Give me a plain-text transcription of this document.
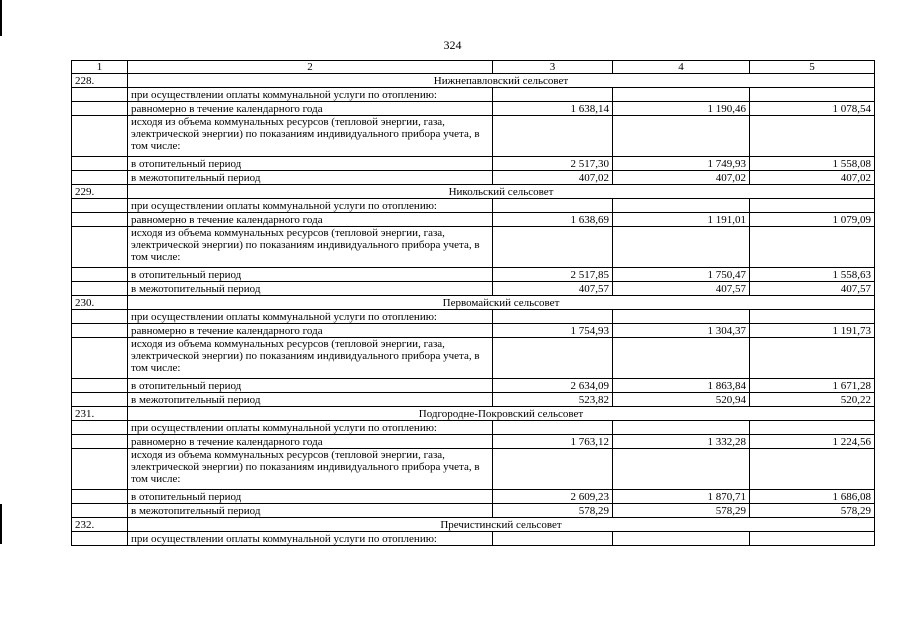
324
1	2	3	4	5
228.	Нижнепавловский сельсовет			
	при осуществлении оплаты коммунальной услуги по отоплению:			
	равномерно в течение календарного года	1 638,14	1 190,46	1 078,54
	исходя из объема коммунальных ресурсов (тепловой энергии, газа, электрической энергии) по показаниям индивидуального прибора учета, в том числе:			
	в отопительный период	2 517,30	1 749,93	1 558,08
	в межотопительный период	407,02	407,02	407,02
229.	Никольский сельсовет			
	при осуществлении оплаты коммунальной услуги по отоплению:			
	равномерно в течение календарного года	1 638,69	1 191,01	1 079,09
	исходя из объема коммунальных ресурсов (тепловой энергии, газа, электрической энергии) по показаниям индивидуального прибора учета, в том числе:			
	в отопительный период	2 517,85	1 750,47	1 558,63
	в межотопительный период	407,57	407,57	407,57
230.	Первомайский сельсовет			
	при осуществлении оплаты коммунальной услуги по отоплению:			
	равномерно в течение календарного года	1 754,93	1 304,37	1 191,73
	исходя из объема коммунальных ресурсов (тепловой энергии, газа, электрической энергии) по показаниям индивидуального прибора учета, в том числе:			
	в отопительный период	2 634,09	1 863,84	1 671,28
	в межотопительный период	523,82	520,94	520,22
231.	Подгородне-Покровский сельсовет			
	при осуществлении оплаты коммунальной услуги по отоплению:			
	равномерно в течение календарного года	1 763,12	1 332,28	1 224,56
	исходя из объема коммунальных ресурсов (тепловой энергии, газа, электрической энергии) по показаниям индивидуального прибора учета, в том числе:			
	в отопительный период	2 609,23	1 870,71	1 686,08
	в межотопительный период	578,29	578,29	578,29
232.	Пречистинский сельсовет			
	при осуществлении оплаты коммунальной услуги по отоплению:			
